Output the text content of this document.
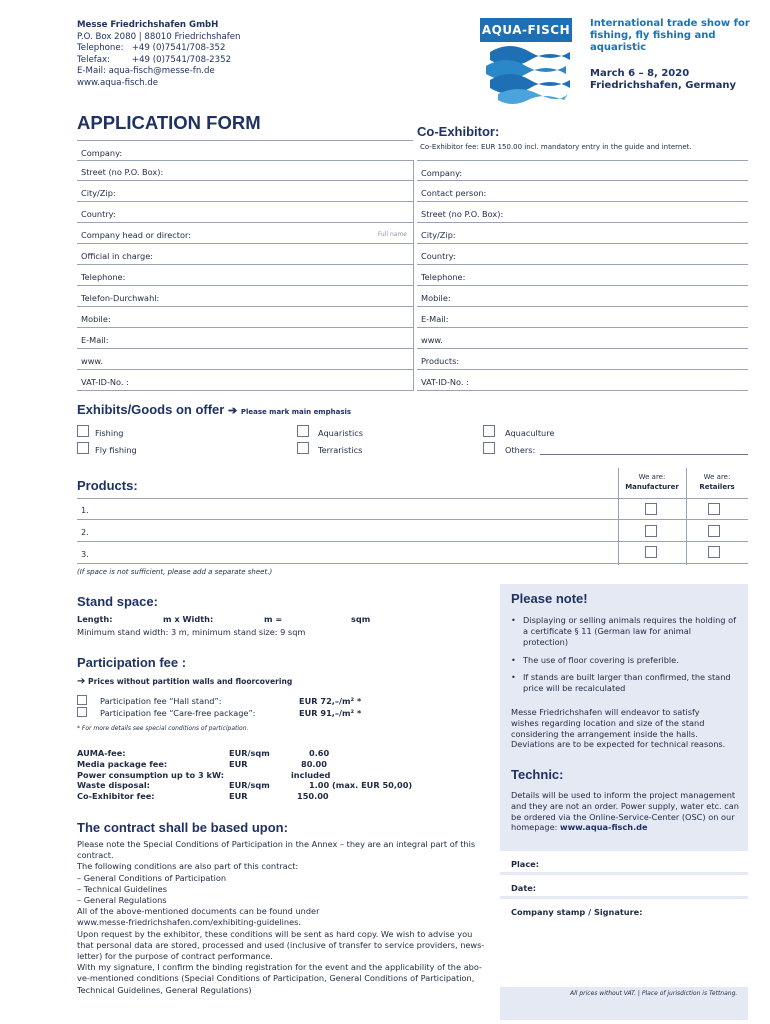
Messe Friedrichshafen GmbH
P.O. Box 2080 | 88010 Friedrichshafen
Telephone:   +49 (0)7541/708-352
Telefax:        +49 (0)7541/708-2352
E-Mail: aqua-fisch@messe-fn.de
www.aqua-fisch.de
AQUA-FISCH International trade show for fishing, fly fishing and aquaristic
March 6 – 8, 2020
Friedrichshafen, Germany
APPLICATION FORM	Co-Exhibitor:
Co-Exhibitor fee: EUR 150.00 incl. mandatory entry in the guide and internet.
Company:
Street (no P.O. Box):
City/Zip:
Country:
Company head or director:	Full name
Official in charge:
Telephone:
Telefon-Durchwahl:
Mobile:
E-Mail:
www.
VAT-ID-No. :
Company:
Contact person:
Street (no P.O. Box):
City/Zip:
Country:
Telephone:
Mobile:
E-Mail:
www.
Products:
VAT-ID-No. :
Exhibits/Goods on offer ➔ Please mark main emphasis
Fishing
Fly fishing
Aquaristics
Terraristics
Aquaculture
Others:
Products:
We are:
Manufacturer
We are:
Retailers
1.
2.
3.
(If space is not sufficient, please add a separate sheet.)
Stand space:
Length:	m x Width:	m =	sqm
Minimum stand width: 3 m, minimum stand size: 9 sqm
Participation fee :
➔ Prices without partition walls and floorcovering
Participation fee “Hall stand”:	EUR 72,–/m² *
Participation fee “Care-free package”:	EUR 91,–/m² *
* For more details see special conditions of participation.
AUMA-fee:	EUR/sqm	0.60
Media package fee:	EUR	80.00
Power consumption up to 3 kW:	included
Waste disposal:	EUR/sqm	1.00 (max. EUR 50,00)
Co-Exhibitor fee:	EUR	150.00
The contract shall be based upon:
Please note the Special Conditions of Participation in the Annex – they are an integral part of this
contract.
The following conditions are also part of this contract:
– General Conditions of Participation
– Technical Guidelines
– General Regulations
All of the above-mentioned documents can be found under
www.messe-friedrichshafen.com/exhibiting-guidelines.
Upon request by the exhibitor, these conditions will be sent as hard copy. We wish to advise you
that personal data are stored, processed and used (inclusive of transfer to service providers, news-
letter) for the purpose of contract performance.
With my signature, I confirm the binding registration for the event and the applicability of the abo-
ve-mentioned conditions (Special Conditions of Participation, General Conditions of Participation,
Technical Guidelines, General Regulations)
Please note!
• Displaying or selling animals requires the holding of
a certificate § 11 (German law for animal
protection)
• The use of floor covering is preferible.
• If stands are built larger than confirmed, the stand
price will be recalculated
Messe Friedrichshafen will endeavor to satisfy
wishes regarding location and size of the stand
considering the arrangement inside the halls.
Deviations are to be expected for technical reasons.
Technic:
Details will be used to inform the project management
and they are not an order. Power supply, water etc. can
be ordered via the Online-Service-Center (OSC) on our
homepage: www.aqua-fisch.de
Place:
Date:
Company stamp / Signature:
All prices without VAT. | Place of jurisdiction is Tettnang.
